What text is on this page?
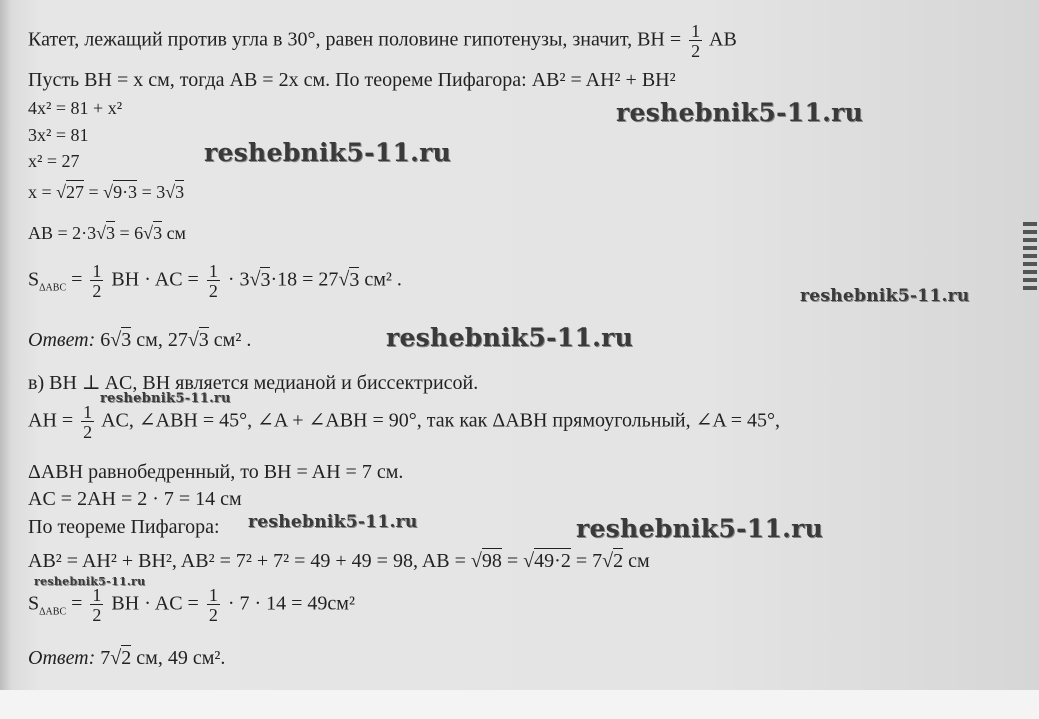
Катет, лежащий против угла в 30°, равен половине гипотенузы, значит, BH = $\frac{1}{2}$ AB
Пусть BH = x см, тогда AB = 2x см. По теореме Пифагора: AB² = AH² + BH²
4x² = 81 + x²
3x² = 81
x² = 27
x = √27 = √9·3 = 3√3
AB = 2·3√3 = 6√3 см
$S_{\Delta ABC} = \frac{1}{2}$ BH · AC = $\frac{1}{2} \cdot 3√3\cdot 18 = 27√3$ см² .
Ответ: 6√3 см, 27√3 см² .
в) BH ⊥ AC, BH является медианой и биссектрисой.
AH = $\frac{1}{2}$ AC, ∠ABH = 45°, ∠A + ∠ABH = 90°, так как ΔABH прямоугольный, ∠A = 45°,
ΔABH равнобедренный, то BH = AH = 7 см.
AC = 2AH = 2 · 7 = 14 см
По теореме Пифагора:
AB² = AH² + BH², AB² = 7² + 7² = 49 + 49 = 98, AB = √98 = √49·2 = 7√2 см
$S_{\Delta ABC} = \frac{1}{2}$ BH · AC = $\frac{1}{2} \cdot 7 \cdot 14 = 49см^2$
Ответ: 7√2 см, 49 см².
reshebnik5-11.ru
reshebnik5-11.ru
reshebnik5-11.ru
reshebnik5-11.ru
reshebnik5-11.ru
reshebnik5-11.ru	reshebnik5-11.ru
reshebnik5-11.ru
